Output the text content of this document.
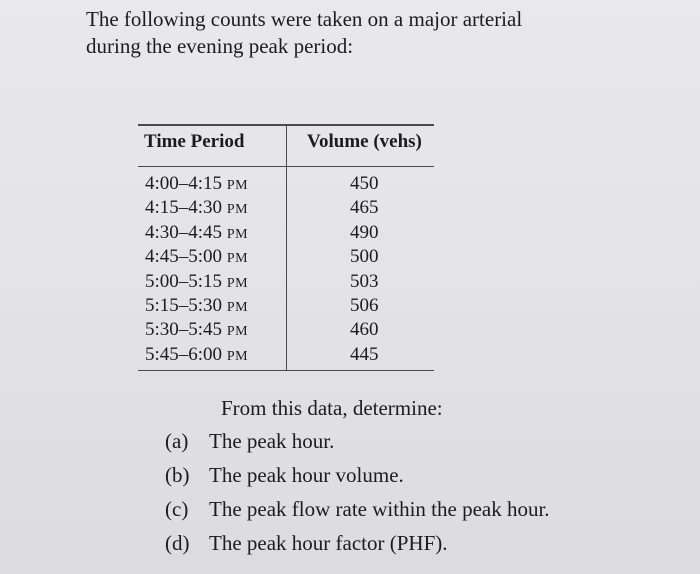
The following counts were taken on a major arterial
during the evening peak period:

Time Period	Volume (vehs)
4:00–4:15 PM	450
4:15–4:30 PM	465
4:30–4:45 PM	490
4:45–5:00 PM	500
5:00–5:15 PM	503
5:15–5:30 PM	506
5:30–5:45 PM	460
5:45–6:00 PM	445
From this data, determine:
(a) The peak hour.
(b) The peak hour volume.
(c) The peak flow rate within the peak hour.
(d) The peak hour factor (PHF).
